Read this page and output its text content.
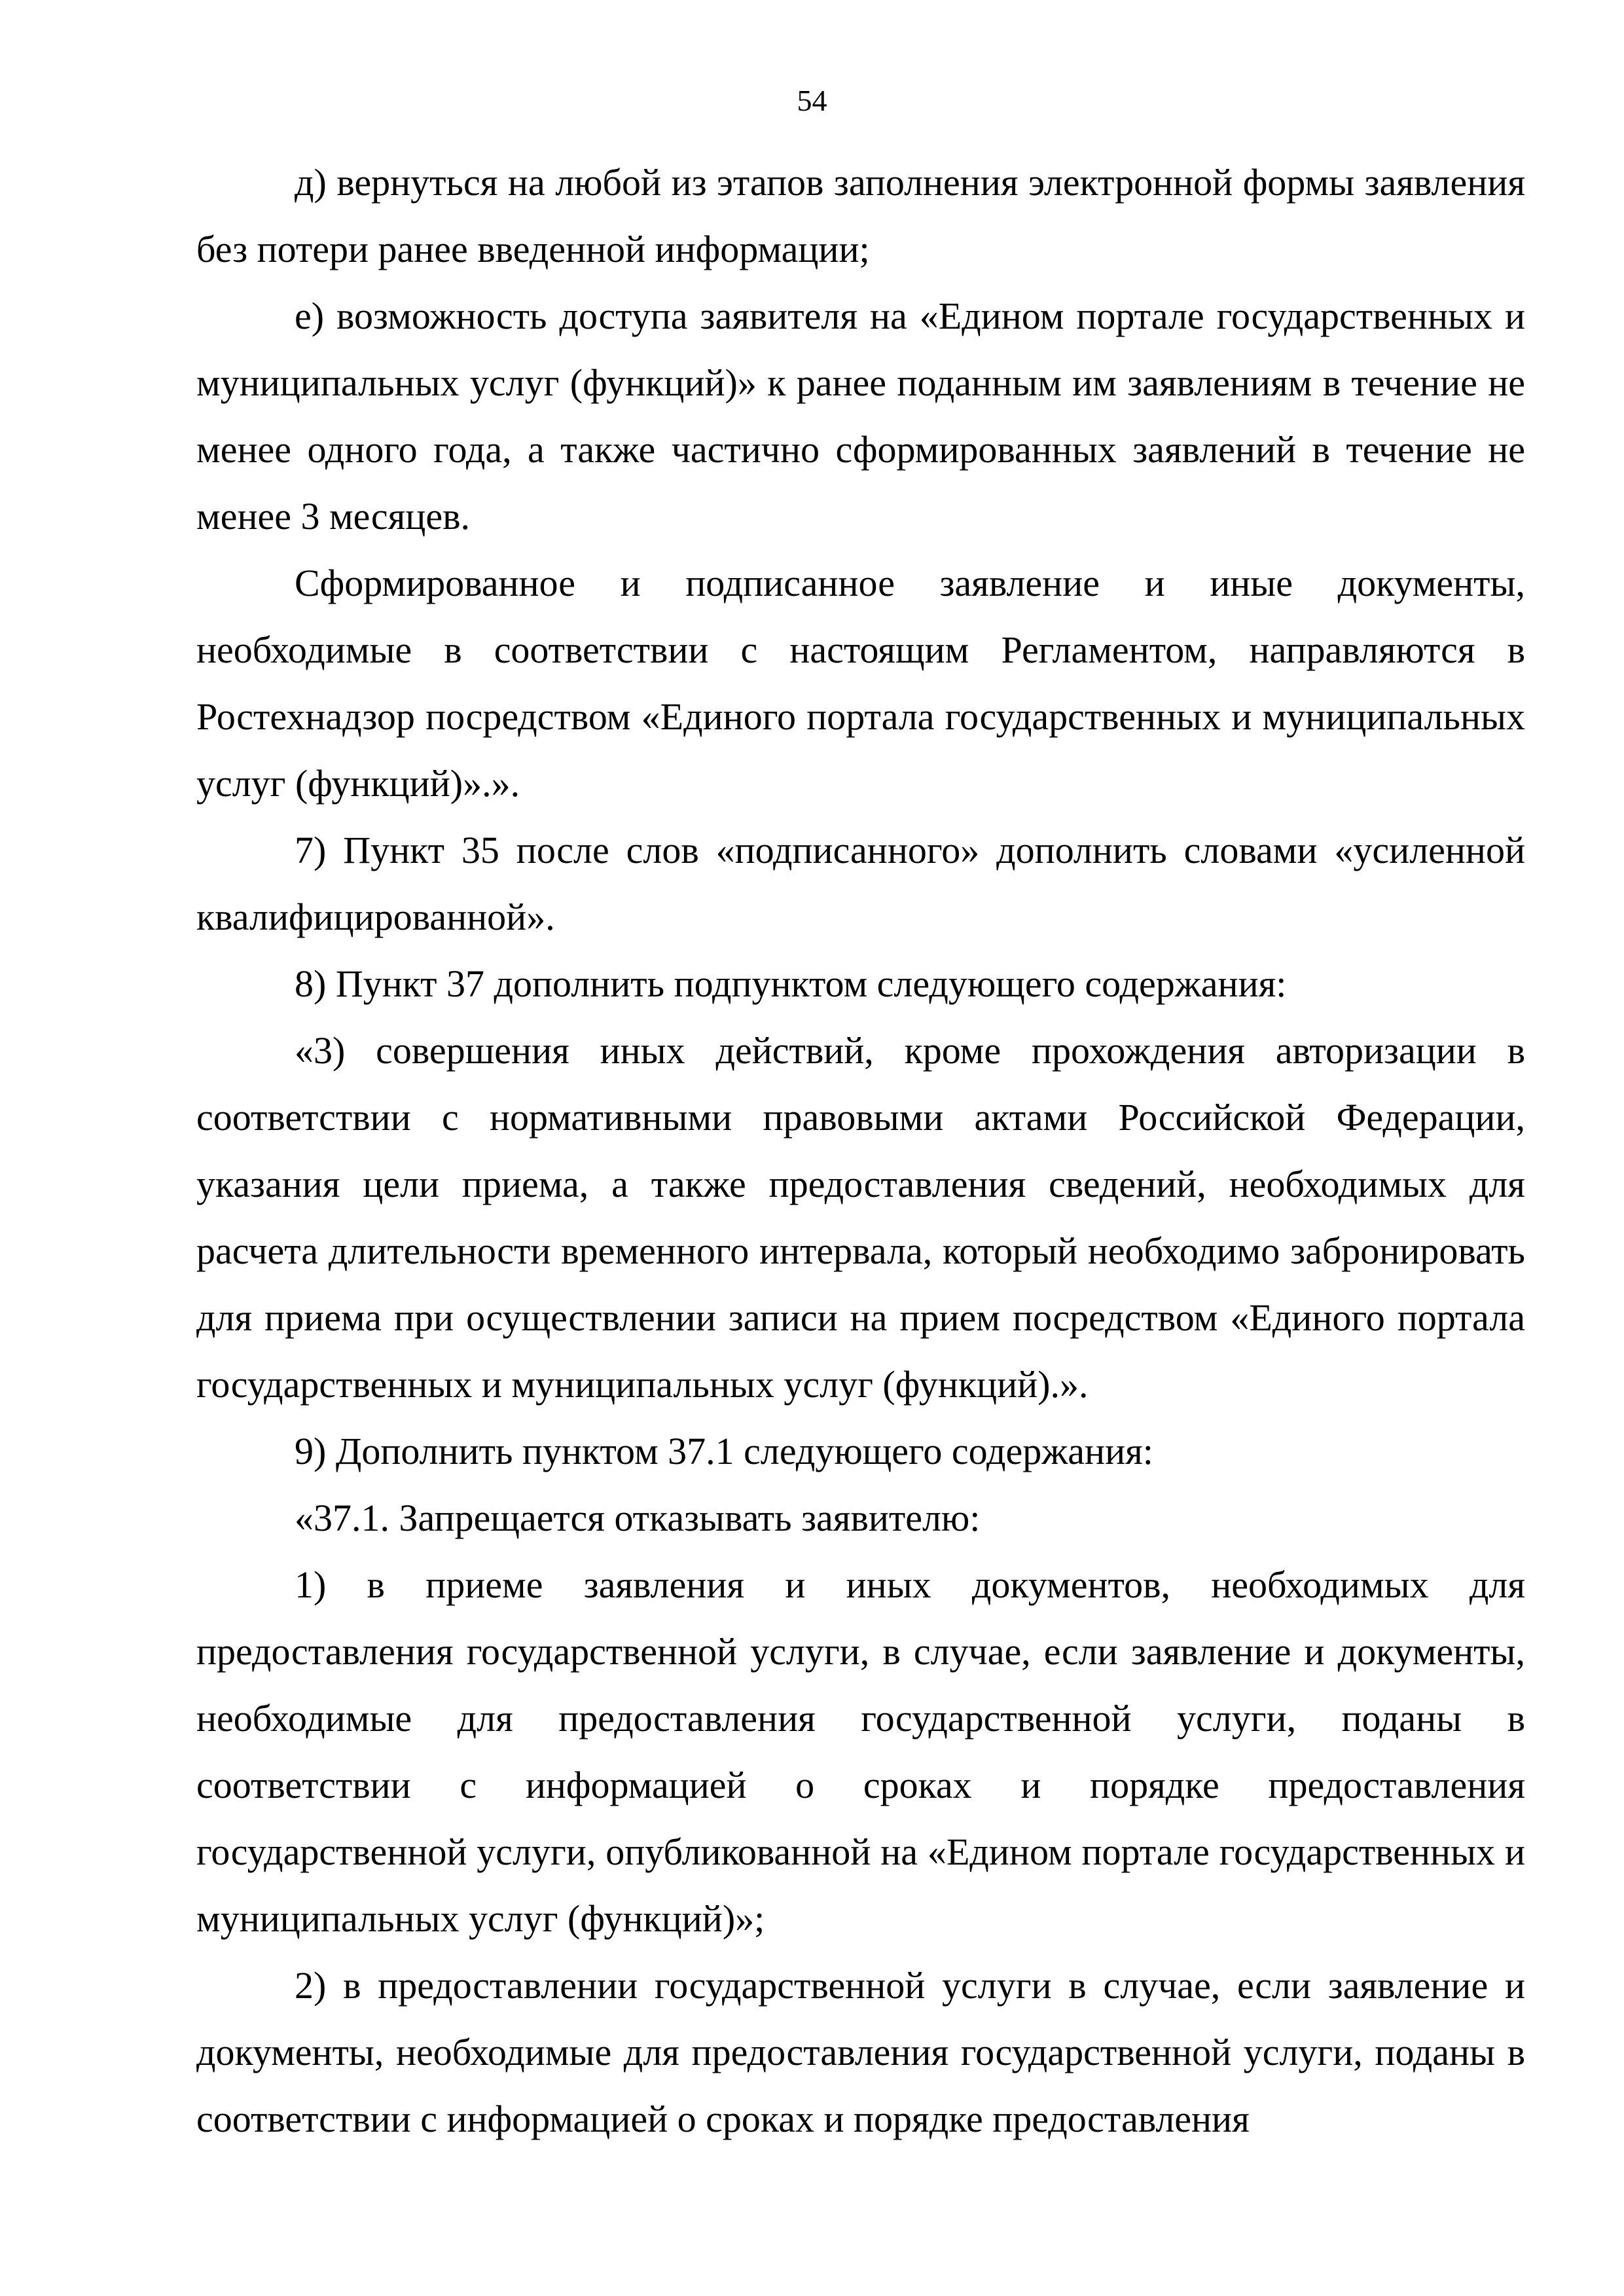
54

д) вернуться на любой из этапов заполнения электронной формы заявления без потери ранее введенной информации;

е) возможность доступа заявителя на «Едином портале государственных и муниципальных услуг (функций)» к ранее поданным им заявлениям в течение не менее одного года, а также частично сформированных заявлений в течение не менее 3 месяцев.

Сформированное и подписанное заявление и иные документы, необходимые в соответствии с настоящим Регламентом, направляются в Ростехнадзор посредством «Единого портала государственных и муниципальных услуг (функций)».».

7) Пункт 35 после слов «подписанного» дополнить словами «усиленной квалифицированной».

8) Пункт 37 дополнить подпунктом следующего содержания:

«3) совершения иных действий, кроме прохождения авторизации в соответствии с нормативными правовыми актами Российской Федерации, указания цели приема, а также предоставления сведений, необходимых для расчета длительности временного интервала, который необходимо забронировать для приема при осуществлении записи на прием посредством «Единого портала государственных и муниципальных услуг (функций).».

9) Дополнить пунктом 37.1 следующего содержания:

«37.1. Запрещается отказывать заявителю:

1) в приеме заявления и иных документов, необходимых для предоставления государственной услуги, в случае, если заявление и документы, необходимые для предоставления государственной услуги, поданы в соответствии с информацией о сроках и порядке предоставления государственной услуги, опубликованной на «Едином портале государственных и муниципальных услуг (функций)»;

2) в предоставлении государственной услуги в случае, если заявление и документы, необходимые для предоставления государственной услуги, поданы в соответствии с информацией о сроках и порядке предоставления
